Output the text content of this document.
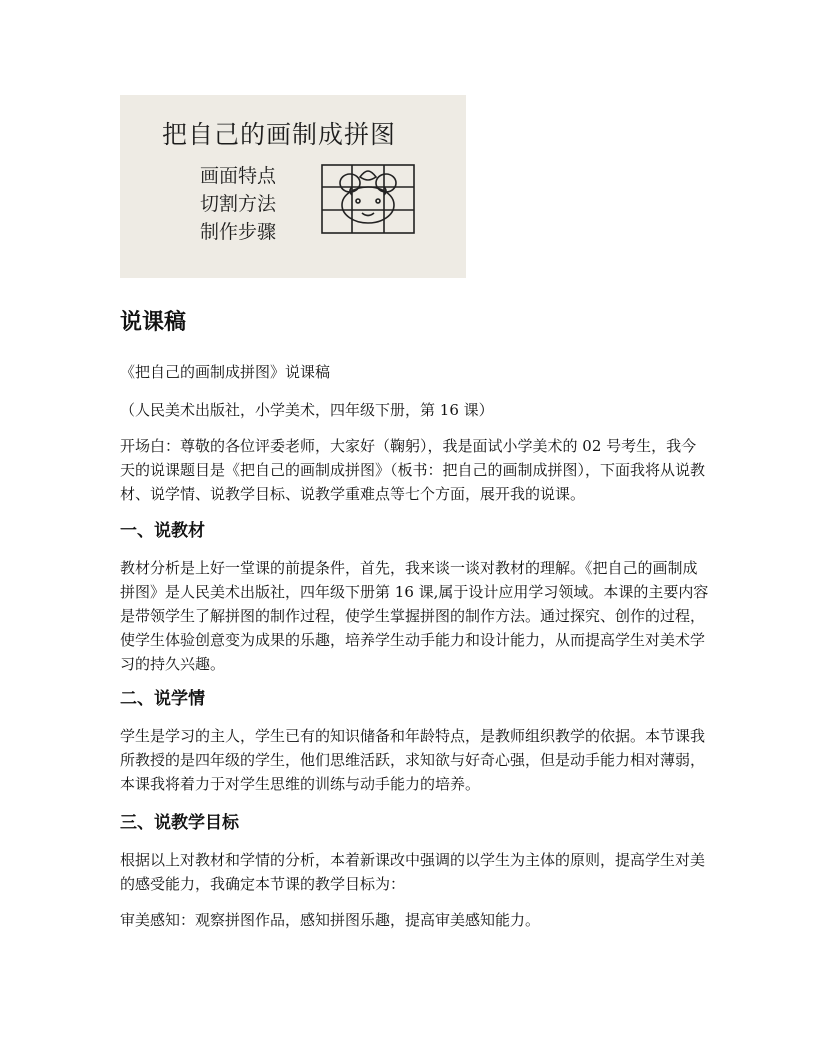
把自己的画制成拼图
画面特点
切割方法
制作步骤
说课稿

《把自己的画制成拼图》说课稿

（人民美术出版社，小学美术，四年级下册，第 16 课）

开场白：尊敬的各位评委老师，大家好（鞠躬），我是面试小学美术的 02 号考生，我今天的说课题目是《把自己的画制成拼图》（板书：把自己的画制成拼图），下面我将从说教材、说学情、说教学目标、说教学重难点等七个方面，展开我的说课。

一、说教材

教材分析是上好一堂课的前提条件，首先，我来谈一谈对教材的理解。《把自己的画制成拼图》是人民美术出版社，四年级下册第 16 课,属于设计应用学习领域。本课的主要内容是带领学生了解拼图的制作过程，使学生掌握拼图的制作方法。通过探究、创作的过程，使学生体验创意变为成果的乐趣，培养学生动手能力和设计能力，从而提高学生对美术学习的持久兴趣。

二、说学情

学生是学习的主人，学生已有的知识储备和年龄特点，是教师组织教学的依据。本节课我所教授的是四年级的学生，他们思维活跃，求知欲与好奇心强，但是动手能力相对薄弱，本课我将着力于对学生思维的训练与动手能力的培养。

三、说教学目标

根据以上对教材和学情的分析，本着新课改中强调的以学生为主体的原则，提高学生对美的感受能力，我确定本节课的教学目标为：

审美感知：观察拼图作品，感知拼图乐趣，提高审美感知能力。
